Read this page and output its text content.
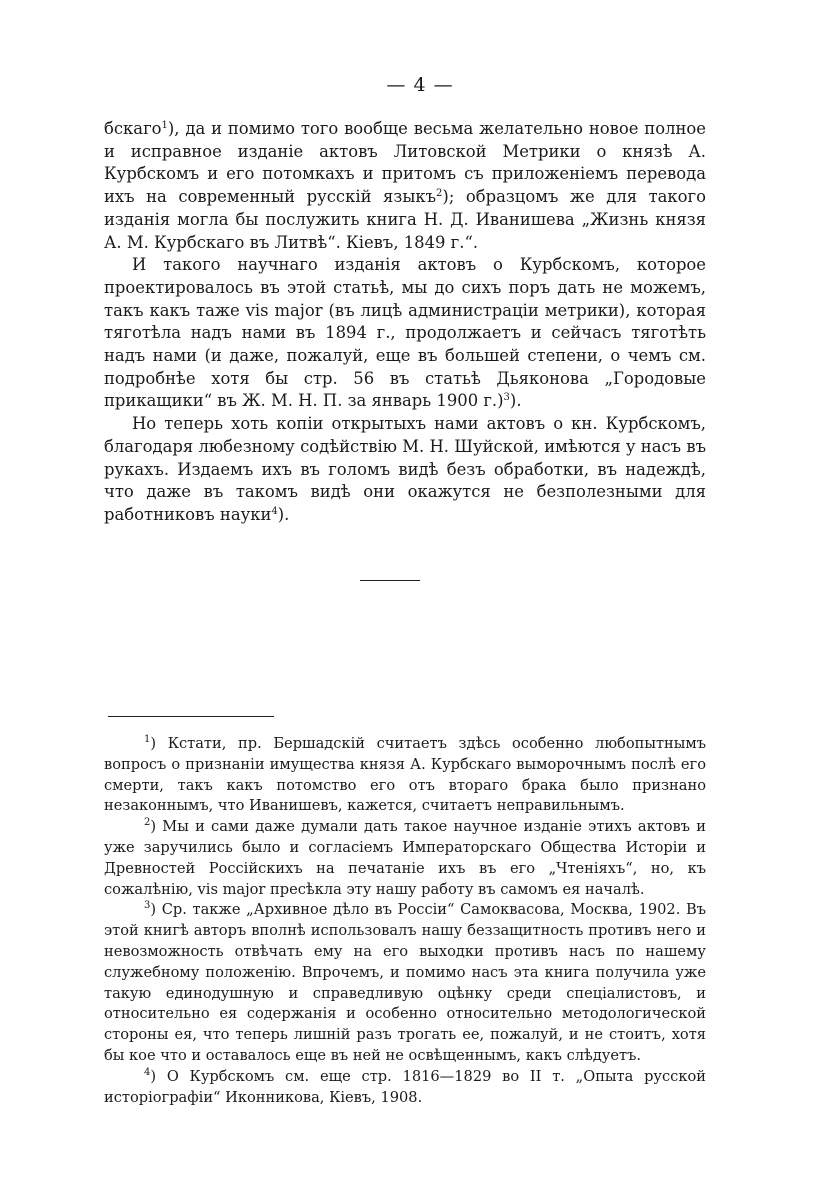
— 4 —

бскаго$^1$), да и помимо того вообще весьма желательно новое полное и исправное изданіе актовъ Литовской Метрики о князѣ А. Курбскомъ и его потомкахъ и притомъ съ приложеніемъ перевода ихъ на современный русскій языкъ$^2$); образцомъ же для такого изданія могла бы послужить книга Н. Д. Иванишева „Жизнь князя А. М. Курбскаго въ Литвѣ“. Кіевъ, 1849 г.“.

И такого научнаго изданія актовъ о Курбскомъ, которое проектировалось въ этой статьѣ, мы до сихъ поръ дать не можемъ, такъ какъ таже vis major (въ лицѣ администраціи метрики), которая тяготѣла надъ нами въ 1894 г., продолжаетъ и сейчасъ тяготѣть надъ нами (и даже, пожалуй, еще въ большей степени, о чемъ см. подробнѣе хотя бы стр. 56 въ статьѣ Дьяконова „Городовые прикащики“ въ Ж. М. Н. П. за январь 1900 г.)$^3$).

Но теперь хоть копіи открытыхъ нами актовъ о кн. Курбскомъ, благодаря любезному содѣйствію М. Н. Шуйской, имѣются у насъ въ рукахъ. Издаемъ ихъ въ голомъ видѣ безъ обработки, въ надеждѣ, что даже въ такомъ видѣ они окажутся не безполезными для работниковъ науки$^4$).

$^1$) Кстати, пр. Бершадскій считаетъ здѣсь особенно любопытнымъ вопросъ о признаніи имущества князя А. Курбскаго выморочнымъ послѣ его смерти, такъ какъ потомство его отъ втораго брака было признано незаконнымъ, что Иванишевъ, кажется, считаетъ неправильнымъ.

$^2$) Мы и сами даже думали дать такое научное изданіе этихъ актовъ и уже заручились было и согласіемъ Императорскаго Общества Исторіи и Древностей Россійскихъ на печатаніе ихъ въ его „Чтеніяхъ“, но, къ сожалѣнію, vis major пресѣкла эту нашу работу въ самомъ ея началѣ.

$^3$) Ср. также „Архивное дѣло въ Россіи“ Самоквасова, Москва, 1902. Въ этой книгѣ авторъ вполнѣ использовалъ нашу беззащитность противъ него и невозможность отвѣчать ему на его выходки противъ насъ по нашему служебному положенію. Впрочемъ, и помимо насъ эта книга получила уже такую единодушную и справедливую оцѣнку среди спеціалистовъ, и относительно ея содержанія и особенно относительно методологической стороны ея, что теперь лишній разъ трогать ее, пожалуй, и не стоитъ, хотя бы кое что и оставалось еще въ ней не освѣщеннымъ, какъ слѣдуетъ.

$^4$) О Курбскомъ см. еще стр. 1816—1829 во II т. „Опыта русской исторіографіи“ Иконникова, Кіевъ, 1908.
